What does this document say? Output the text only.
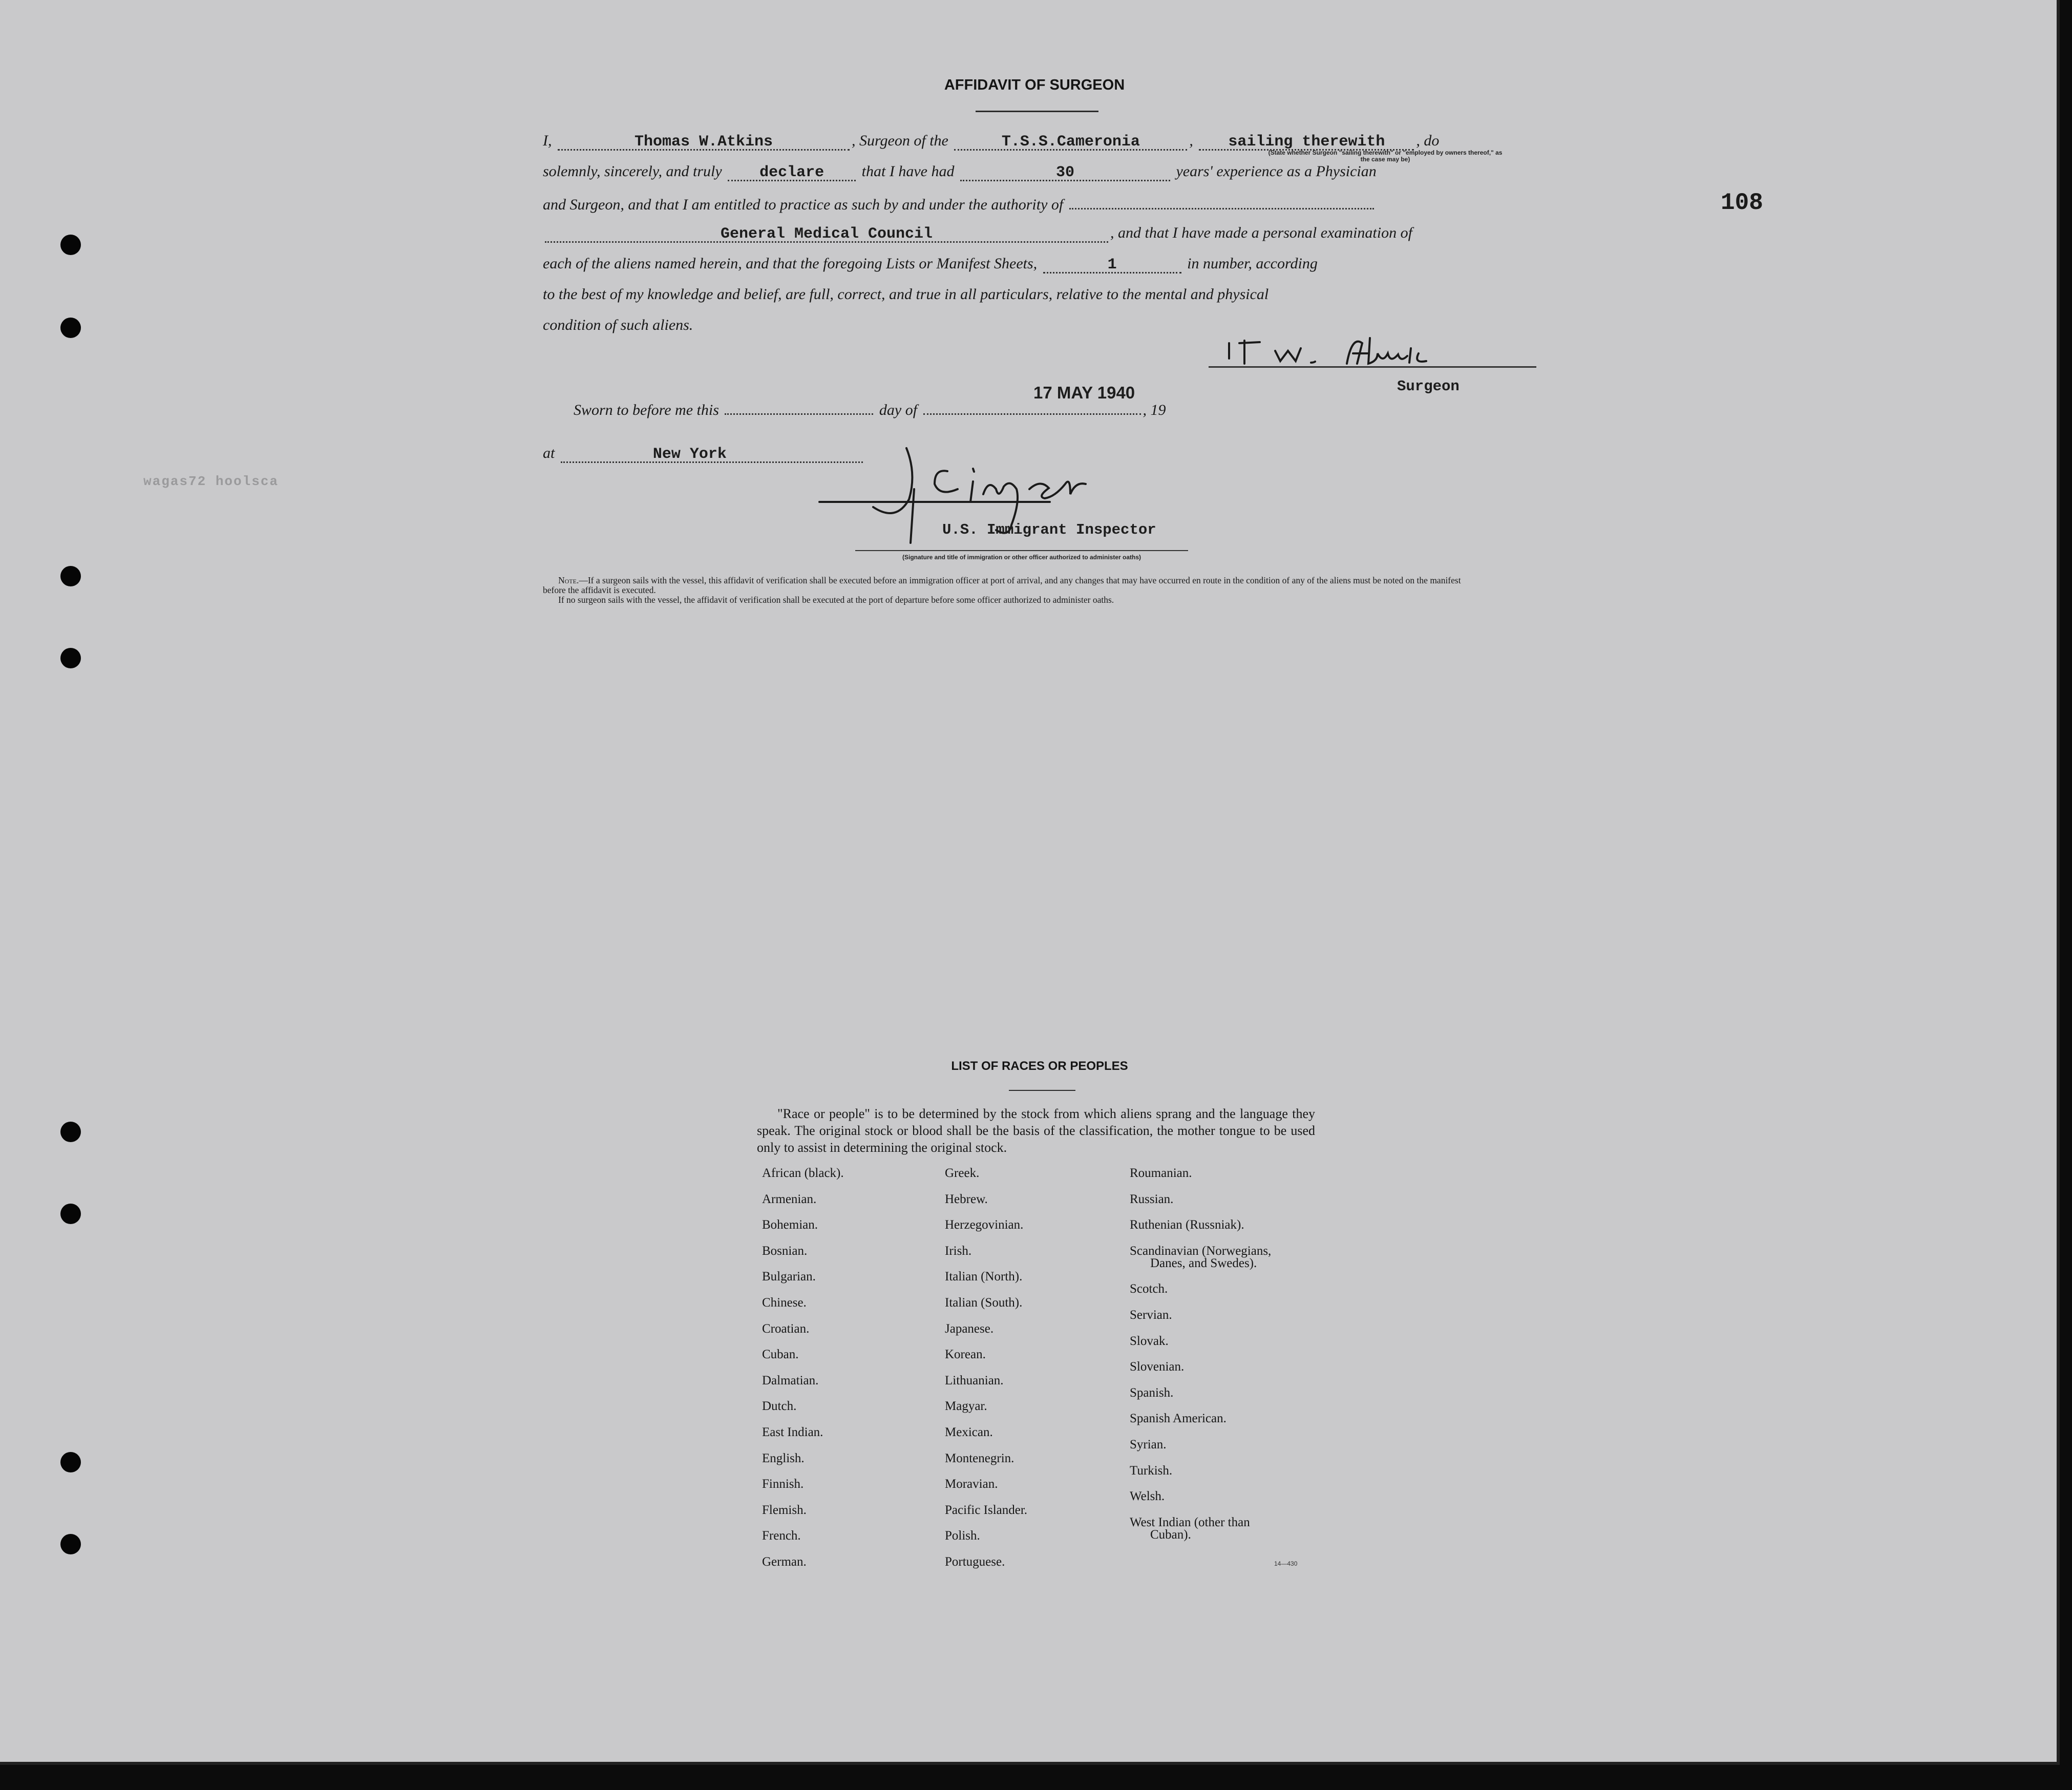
108
wagas72 hoolsca
AFFIDAVIT OF SURGEON
I,	Thomas W.Atkins	, Surgeon of the	T.S.S.Cameronia	, sailing therewith , do
(State whether Surgeon "sailing therewith" or "employed by owners thereof," as the case may be)
solemnly, sincerely, and truly declare that I have had	30	years' experience as a Physician
and Surgeon, and that I am entitled to practice as such by and under the authority of
General Medical Council	, and that I have made a personal examination of
each of the aliens named herein, and that the foregoing Lists or Manifest Sheets,	1	in number, according
to the best of my knowledge and belief, are full, correct, and true in all particulars, relative to the mental and physical
condition of such aliens.
Surgeon
Sworn to before me this	day of	, 19
17 MAY 1940
at	New York
U.S. Immigrant Inspector
(Signature and title of immigration or other officer authorized to administer oaths)

Note.—If a surgeon sails with the vessel, this affidavit of verification shall be executed before an immigration officer at port of arrival, and any changes that may have occurred en route in the condition of any of the aliens must be noted on the manifest before the affidavit is executed.

If no surgeon sails with the vessel, the affidavit of verification shall be executed at the port of departure before some officer authorized to administer oaths.

LIST OF RACES OR PEOPLES

"Race or people" is to be determined by the stock from which aliens sprang and the language they speak. The original stock or blood shall be the basis of the classification, the mother tongue to be used only to assist in determining the original stock.

African (black).
Armenian.
Bohemian.
Bosnian.
Bulgarian.
Chinese.
Croatian.
Cuban.
Dalmatian.
Dutch.
East Indian.
English.
Finnish.
Flemish.
French.
German.
Greek.
Hebrew.
Herzegovinian.
Irish.
Italian (North).
Italian (South).
Japanese.
Korean.
Lithuanian.
Magyar.
Mexican.
Montenegrin.
Moravian.
Pacific Islander.
Polish.
Portuguese.
Roumanian.
Russian.
Ruthenian (Russniak).
Scandinavian (Norwegians,
Danes, and Swedes).
Scotch.
Servian.
Slovak.
Slovenian.
Spanish.
Spanish American.
Syrian.
Turkish.
Welsh.
West Indian (other than
Cuban).
14—430
